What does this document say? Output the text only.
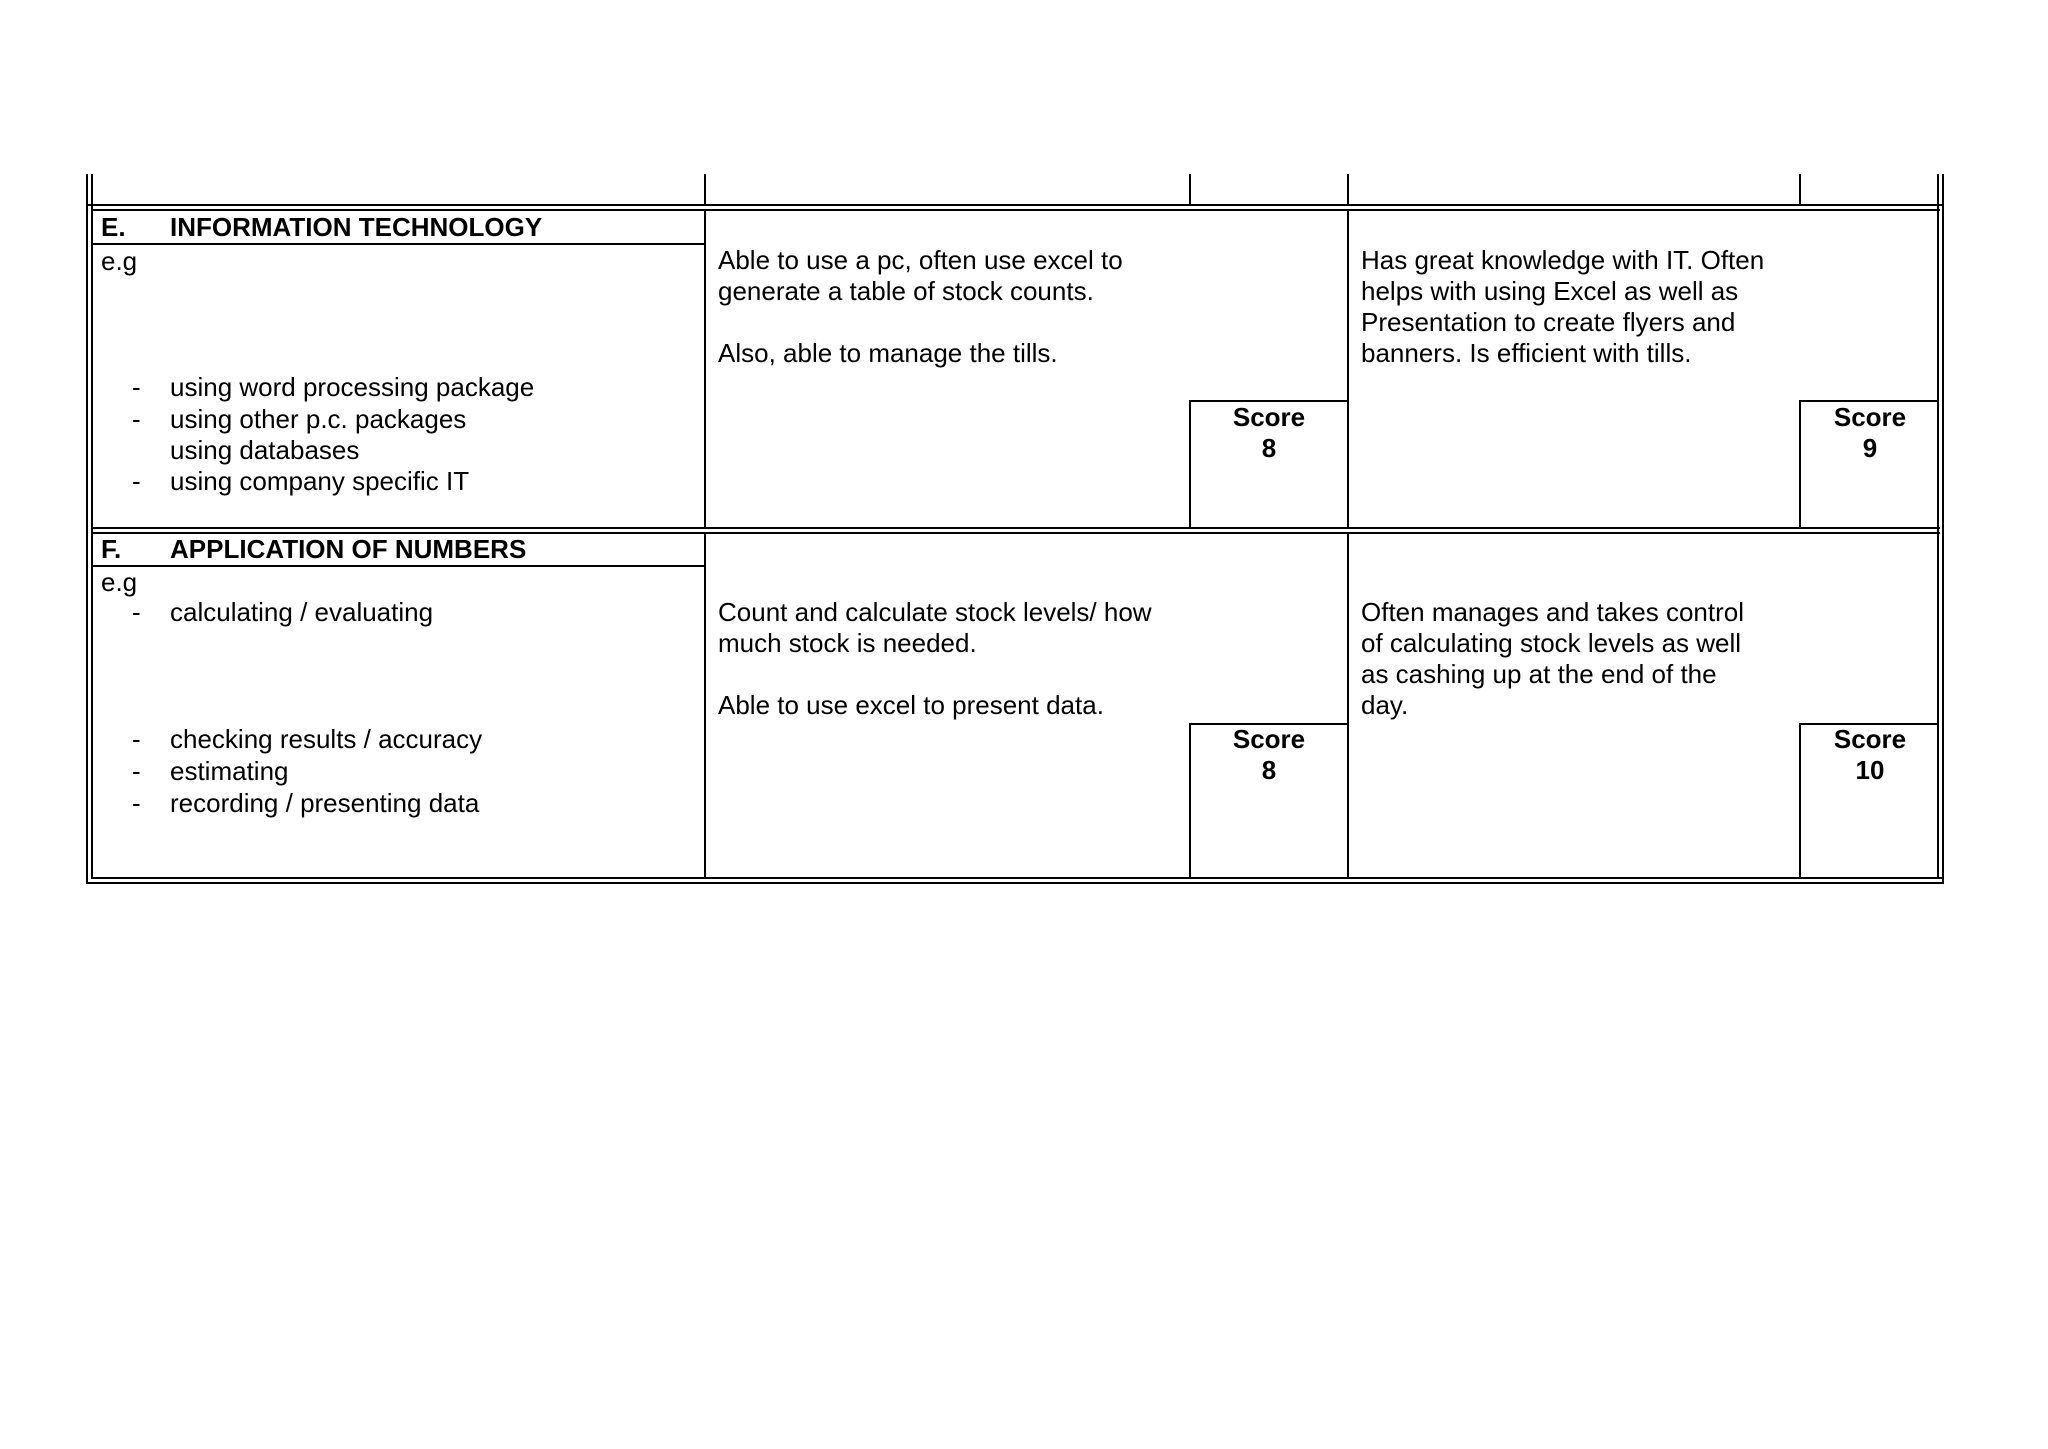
E. INFORMATION TECHNOLOGY
e.g
- using word processing package
- using other p.c. packages
using databases
- using company specific IT
Able to use a pc, often use excel to
generate a table of stock counts.
Also, able to manage the tills.
Score
8
Has great knowledge with IT. Often
helps with using Excel as well as
Presentation to create flyers and
banners. Is efficient with tills.
Score
9
F. APPLICATION OF NUMBERS
e.g
- calculating / evaluating
- checking results / accuracy
- estimating
- recording / presenting data
Count and calculate stock levels/ how
much stock is needed.
Able to use excel to present data.
Score
8
Often manages and takes control
of calculating stock levels as well
as cashing up at the end of the
day.
Score
10
